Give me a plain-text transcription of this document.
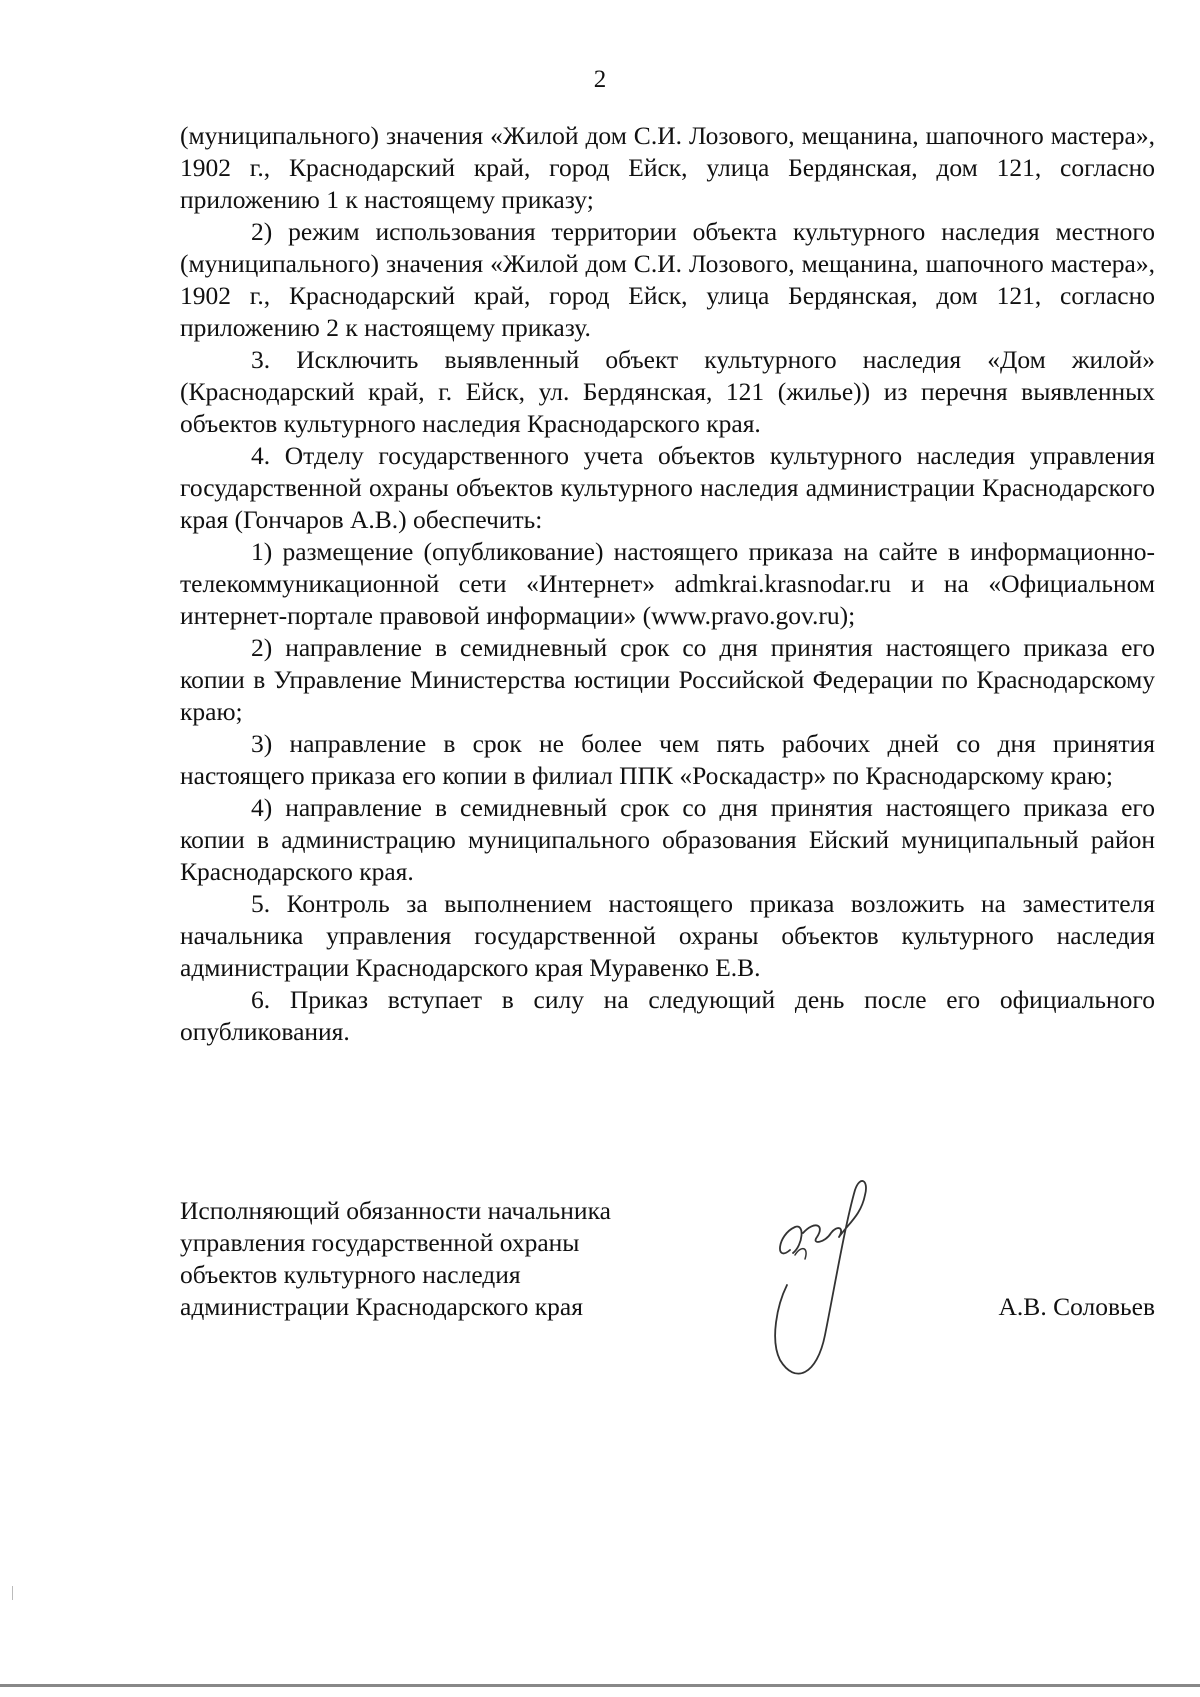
2

(муниципального) значения «Жилой дом С.И. Лозового, мещанина, шапочного мастера», 1902 г., Краснодарский край, город Ейск, улица Бердянская, дом 121, согласно приложению 1 к настоящему приказу;

2) режим использования территории объекта культурного наследия местного (муниципального) значения «Жилой дом С.И. Лозового, мещанина, шапочного мастера», 1902 г., Краснодарский край, город Ейск, улица Бердянская, дом 121, согласно приложению 2 к настоящему приказу.

3. Исключить выявленный объект культурного наследия «Дом жилой» (Краснодарский край, г. Ейск, ул. Бердянская, 121 (жилье)) из перечня выявленных объектов культурного наследия Краснодарского края.

4. Отделу государственного учета объектов культурного наследия управления государственной охраны объектов культурного наследия администрации Краснодарского края (Гончаров А.В.) обеспечить:

1) размещение (опубликование) настоящего приказа на сайте в информационно-телекоммуникационной сети «Интернет» admkrai.krasnodar.ru и на «Официальном интернет-портале правовой информации» (www.pravo.gov.ru);

2) направление в семидневный срок со дня принятия настоящего приказа его копии в Управление Министерства юстиции Российской Федерации по Краснодарскому краю;

3) направление в срок не более чем пять рабочих дней со дня принятия настоящего приказа его копии в филиал ППК «Роскадастр» по Краснодарскому краю;

4) направление в семидневный срок со дня принятия настоящего приказа его копии в администрацию муниципального образования Ейский муниципальный район Краснодарского края.

5. Контроль за выполнением настоящего приказа возложить на заместителя начальника управления государственной охраны объектов культурного наследия администрации Краснодарского края Муравенко Е.В.

6. Приказ вступает в силу на следующий день после его официального опубликования.

Исполняющий обязанности начальника
управления государственной охраны
объектов культурного наследия
администрации Краснодарского края	А.В. Соловьев
